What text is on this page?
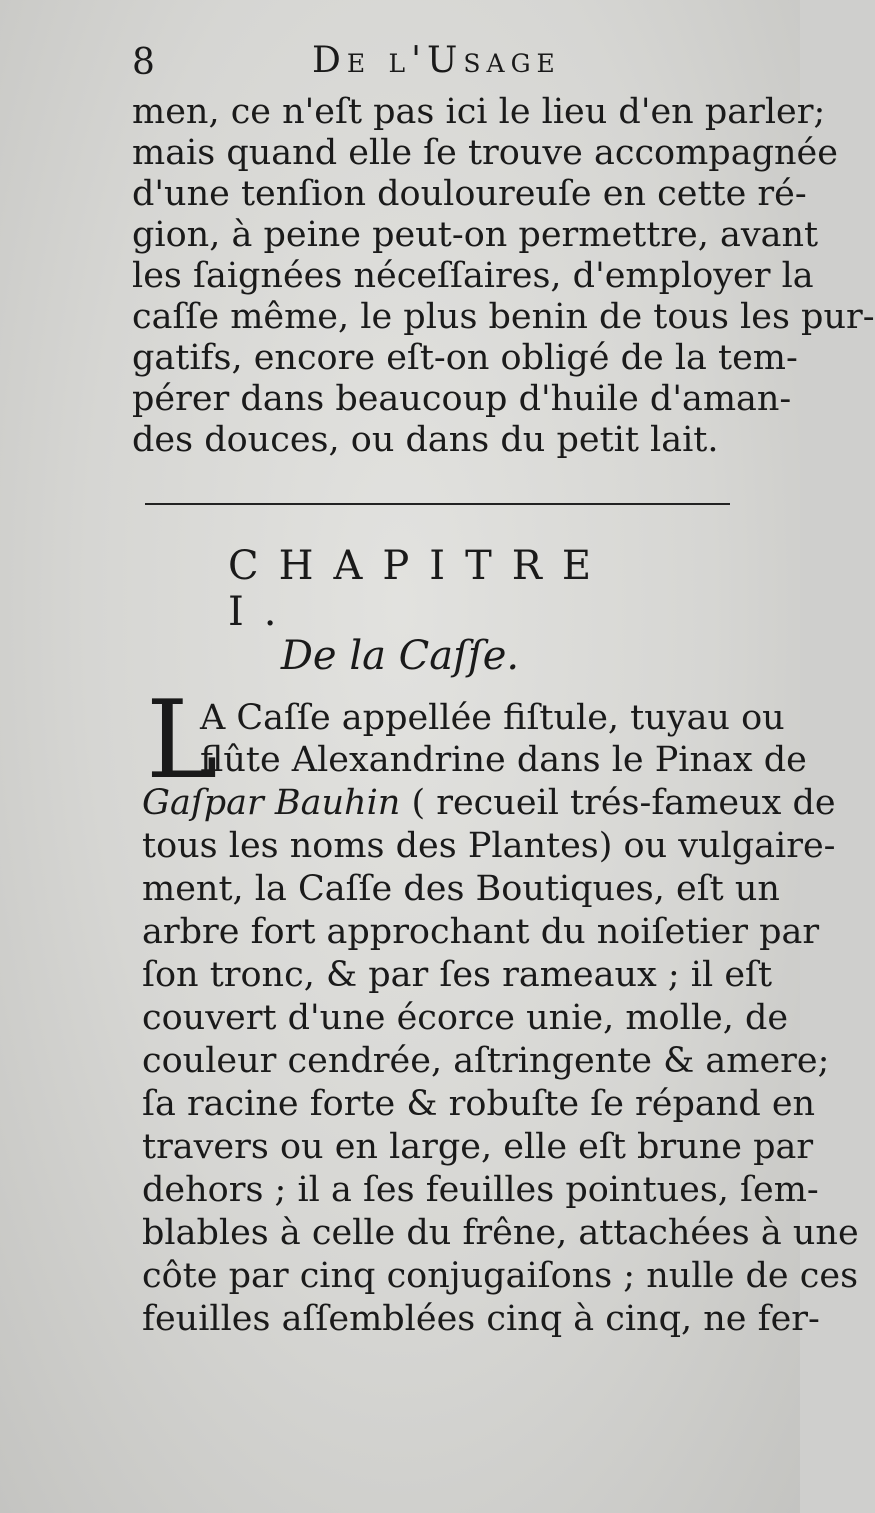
8	De l'Usage
men, ce n'eſt pas ici le lieu d'en parler;
mais quand elle ſe trouve accompagnée
d'une tenſion douloureuſe en cette ré-
gion, à peine peut-on permettre, avant
les ſaignées néceſſaires, d'employer la
caſſe même, le plus benin de tous les pur-
gatifs, encore eſt-on obligé de la tem-
pérer dans beaucoup d'huile d'aman-
des douces, ou dans du petit lait.
CHAPITRE I.
De la Caſſe.
L
A Caſſe appellée fiſtule, tuyau ou
flûte Alexandrine dans le Pinax de
Gaſpar Bauhin ( recueil trés-fameux de
tous les noms des Plantes) ou vulgaire-
ment, la Caſſe des Boutiques, eſt un
arbre fort approchant du noiſetier par
ſon tronc, & par ſes rameaux ; il eſt
couvert d'une écorce unie, molle, de
couleur cendrée, aſtringente & amere;
ſa racine forte & robuſte ſe répand en
travers ou en large, elle eſt brune par
dehors ; il a ſes feuilles pointues, ſem-
blables à celle du frêne, attachées à une
côte par cinq conjugaiſons ; nulle de ces
feuilles aſſemblées cinq à cinq, ne fer-
